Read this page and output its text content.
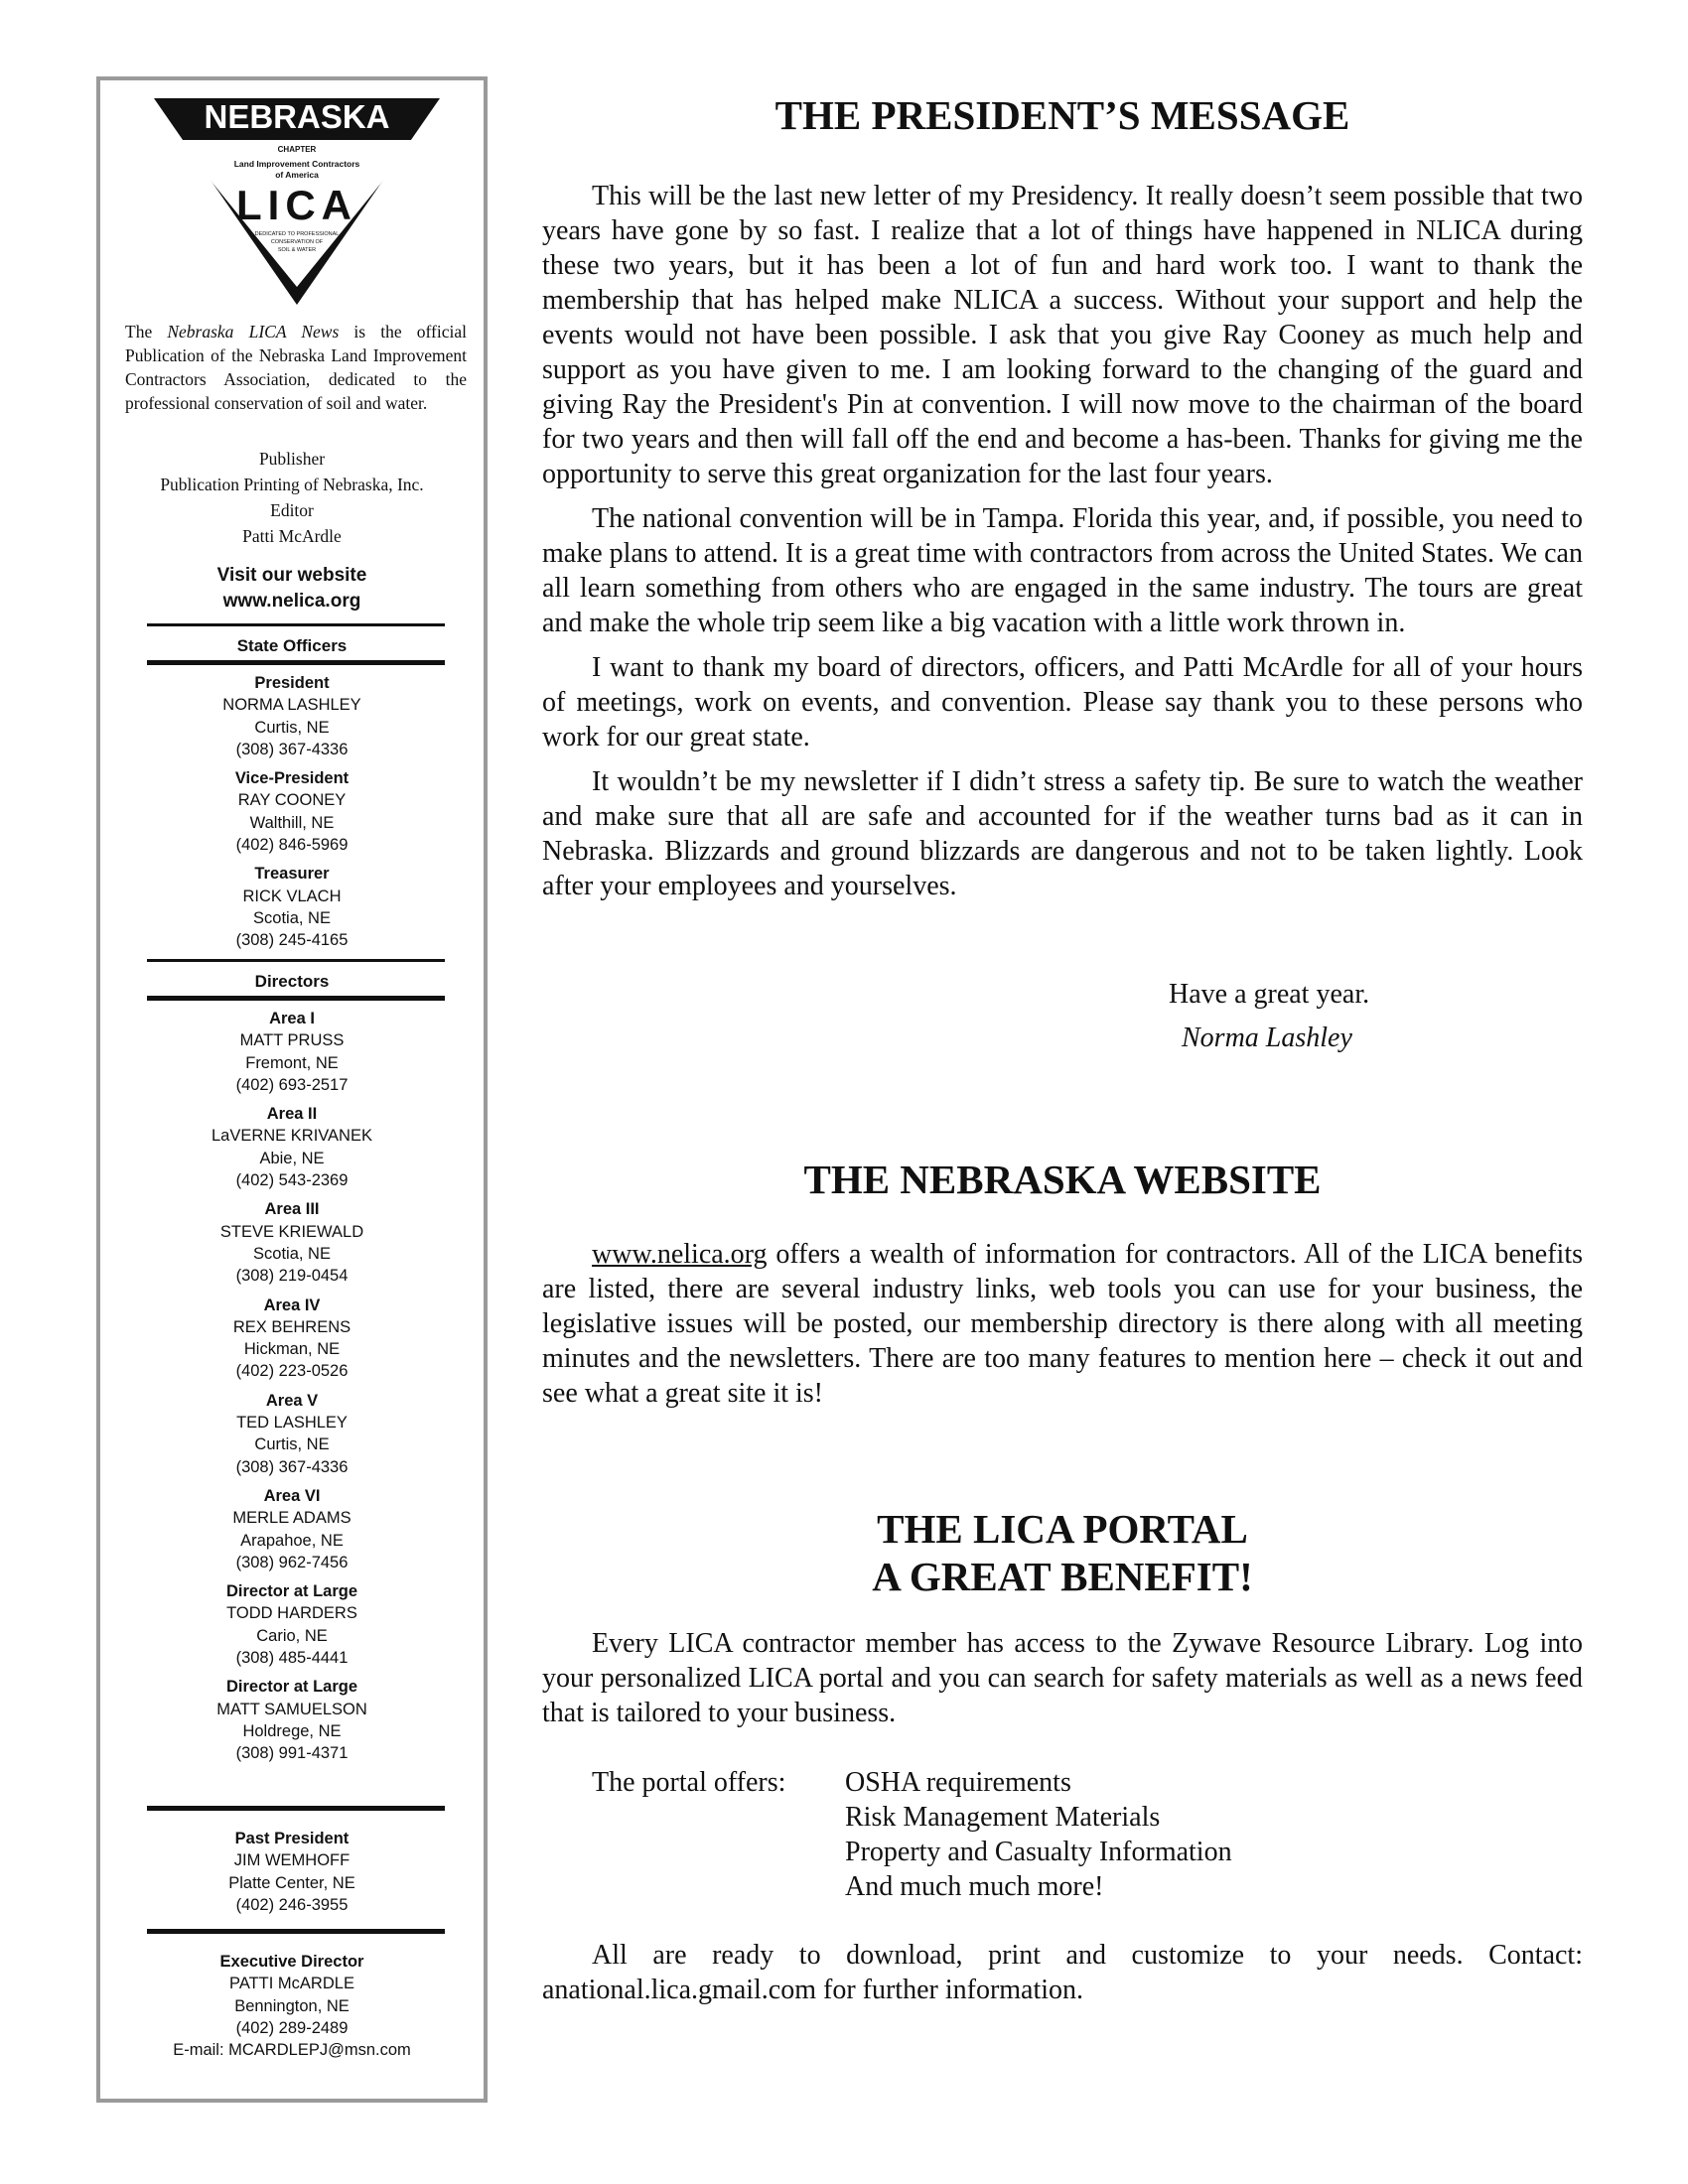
NEBRASKA
CHAPTER
Land Improvement Contractors
of America
LICA
DEDICATED TO PROFESSIONAL
CONSERVATION OF
SOIL & WATER
The Nebraska LICA News is the official Publication of the Nebraska Land Improvement Contractors Association, dedicated to the professional conservation of soil and water.
Publisher
Publication Printing of Nebraska, Inc.
Editor
Patti McArdle
Visit our website
www.nelica.org
State Officers
President
NORMA LASHLEY
Curtis, NE
(308) 367-4336
Vice-President
RAY COONEY
Walthill, NE
(402) 846-5969
Treasurer
RICK VLACH
Scotia, NE
(308) 245-4165
Directors
Area I
MATT PRUSS
Fremont, NE
(402) 693-2517
Area II
LaVERNE KRIVANEK
Abie, NE
(402) 543-2369
Area III
STEVE KRIEWALD
Scotia, NE
(308) 219-0454
Area IV
REX BEHRENS
Hickman, NE
(402) 223-0526
Area V
TED LASHLEY
Curtis, NE
(308) 367-4336
Area VI
MERLE ADAMS
Arapahoe, NE
(308) 962-7456
Director at Large
TODD HARDERS
Cario, NE
(308) 485-4441
Director at Large
MATT SAMUELSON
Holdrege, NE
(308) 991-4371
Past President
JIM WEMHOFF
Platte Center, NE
(402) 246-3955
Executive Director
PATTI McARDLE
Bennington, NE
(402) 289-2489
E-mail: MCARDLEPJ@msn.com
THE PRESIDENT’S MESSAGE

This will be the last new letter of my Presidency. It really doesn’t seem possible that two years have gone by so fast. I realize that a lot of things have happened in NLICA during these two years, but it has been a lot of fun and hard work too. I want to thank the membership that has helped make NLICA a success. Without your support and help the events would not have been possible. I ask that you give Ray Cooney as much help and support as you have given to me. I am looking forward to the changing of the guard and giving Ray the President's Pin at convention. I will now move to the chairman of the board for two years and then will fall off the end and become a has-been. Thanks for giving me the opportunity to serve this great organization for the last four years.

The national convention will be in Tampa. Florida this year, and, if possible, you need to make plans to attend. It is a great time with contractors from across the United States. We can all learn something from others who are engaged in the same industry. The tours are great and make the whole trip seem like a big vacation with a little work thrown in.

I want to thank my board of directors, officers, and Patti McArdle for all of your hours of meetings, work on events, and convention. Please say thank you to these persons who work for our great state.

It wouldn’t be my newsletter if I didn’t stress a safety tip. Be sure to watch the weather and make sure that all are safe and accounted for if the weather turns bad as it can in Nebraska. Blizzards and ground blizzards are dangerous and not to be taken lightly. Look after your employees and yourselves.

Have a great year.
Norma Lashley
THE NEBRASKA WEBSITE

www.nelica.org offers a wealth of information for contractors. All of the LICA benefits are listed, there are several industry links, web tools you can use for your business, the legislative issues will be posted, our membership directory is there along with all meeting minutes and the newsletters. There are too many features to mention here – check it out and see what a great site it is!

THE LICA PORTAL
A GREAT BENEFIT!

Every LICA contractor member has access to the Zywave Resource Library. Log into your personalized LICA portal and you can search for safety materials as well as a news feed that is tailored to your business.

The portal offers: OSHA requirements
Risk Management Materials
Property and Casualty Information
And much much more!

All are ready to download, print and customize to your needs. Contact: anational.lica.gmail.com for further information.
